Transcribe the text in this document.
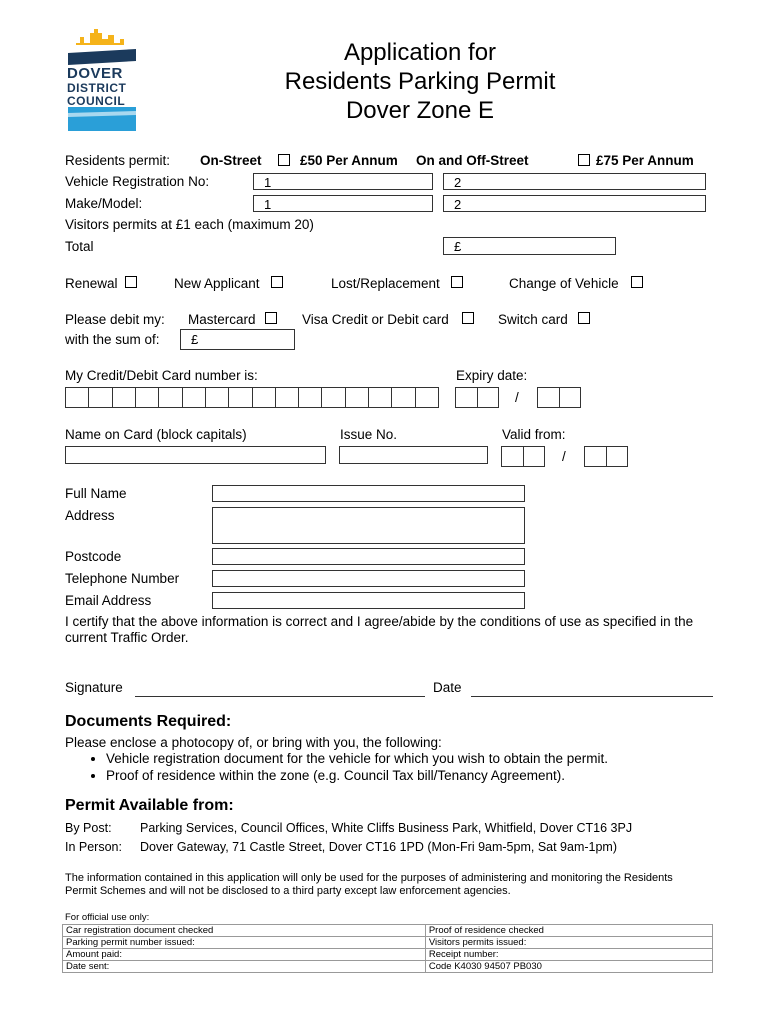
DOVER
DISTRICT
COUNCIL
Application for
Residents Parking Permit
Dover Zone E
Residents permit: On-Street	£50 Per Annum On and Off-Street	£75 Per Annum
Vehicle Registration No:	1	2
Make/Model:	1	2
Visitors permits at £1 each (maximum 20)
Total	£
Renewal	New Applicant	Lost/Replacement	Change of Vehicle
Please debit my: Mastercard	Visa Credit or Debit card	Switch card
with the sum of: £
My Credit/Debit Card number is:	Expiry date:
/
Name on Card (block capitals)	Issue No.	Valid from:
/
Full Name
Address
Postcode
Telephone Number
Email Address
I certify that the above information is correct and I agree/abide by the conditions of use as specified in the current Traffic Order.
Signature	Date
Documents Required:
Please enclose a photocopy of, or bring with you, the following:
• Vehicle registration document for the vehicle for which you wish to obtain the permit.
• Proof of residence within the zone (e.g. Council Tax bill/Tenancy Agreement).
Permit Available from:
By Post: Parking Services, Council Offices, White Cliffs Business Park, Whitfield, Dover CT16 3PJ
In Person: Dover Gateway, 71 Castle Street, Dover CT16 1PD (Mon-Fri 9am-5pm, Sat 9am-1pm)
The information contained in this application will only be used for the purposes of administering and monitoring the Residents Permit Schemes and will not be disclosed to a third party except law enforcement agencies.
For official use only:
Car registration document checked	Proof of residence checked
Parking permit number issued:	Visitors permits issued:
Amount paid:	Receipt number:
Date sent:	Code K4030 94507 PB030
